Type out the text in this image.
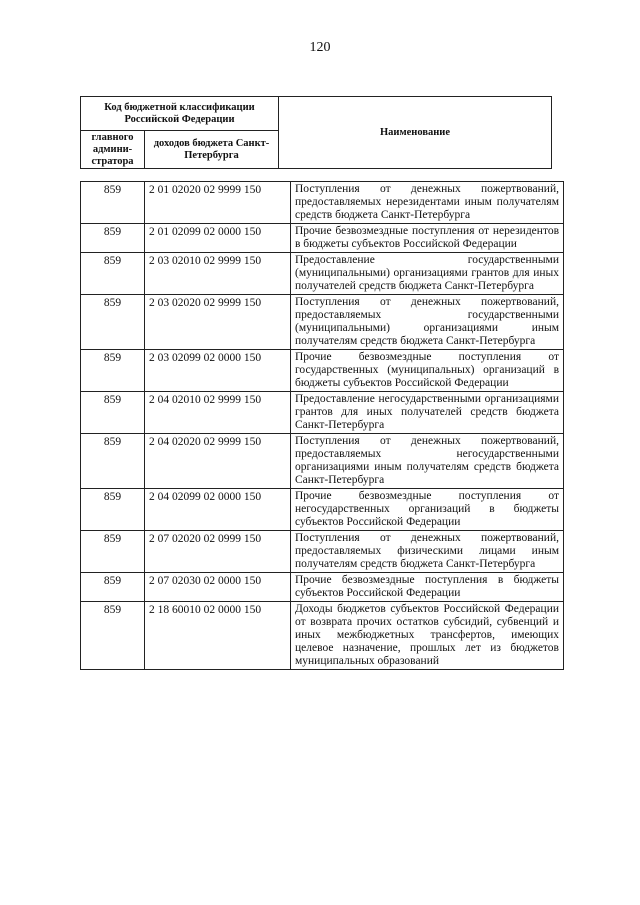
120
Код бюджетной классификации Российской Федерации		Наименование
главного админи-стратора	доходов бюджета Санкт-Петербурга	
859	2 01 02020 02 9999 150	Поступления от денежных пожертвований, предоставляемых нерезидентами иным получателям средств бюджета Санкт-Петербурга
859	2 01 02099 02 0000 150	Прочие безвозмездные поступления от нерезидентов в бюджеты субъектов Российской Федерации
859	2 03 02010 02 9999 150	Предоставление государственными (муниципальными) организациями грантов для иных получателей средств бюджета Санкт-Петербурга
859	2 03 02020 02 9999 150	Поступления от денежных пожертвований, предоставляемых государственными (муниципальными) организациями иным получателям средств бюджета Санкт-Петербурга
859	2 03 02099 02 0000 150	Прочие безвозмездные поступления от государственных (муниципальных) организаций в бюджеты субъектов Российской Федерации
859	2 04 02010 02 9999 150	Предоставление негосударственными организациями грантов для иных получателей средств бюджета Санкт-Петербурга
859	2 04 02020 02 9999 150	Поступления от денежных пожертвований, предоставляемых негосударственными организациями иным получателям средств бюджета Санкт-Петербурга
859	2 04 02099 02 0000 150	Прочие безвозмездные поступления от негосударственных организаций в бюджеты субъектов Российской Федерации
859	2 07 02020 02 0999 150	Поступления от денежных пожертвований, предоставляемых физическими лицами иным получателям средств бюджета Санкт-Петербурга
859	2 07 02030 02 0000 150	Прочие безвозмездные поступления в бюджеты субъектов Российской Федерации
859	2 18 60010 02 0000 150	Доходы бюджетов субъектов Российской Федерации от возврата прочих остатков субсидий, субвенций и иных межбюджетных трансфертов, имеющих целевое назначение, прошлых лет из бюджетов муниципальных образований
